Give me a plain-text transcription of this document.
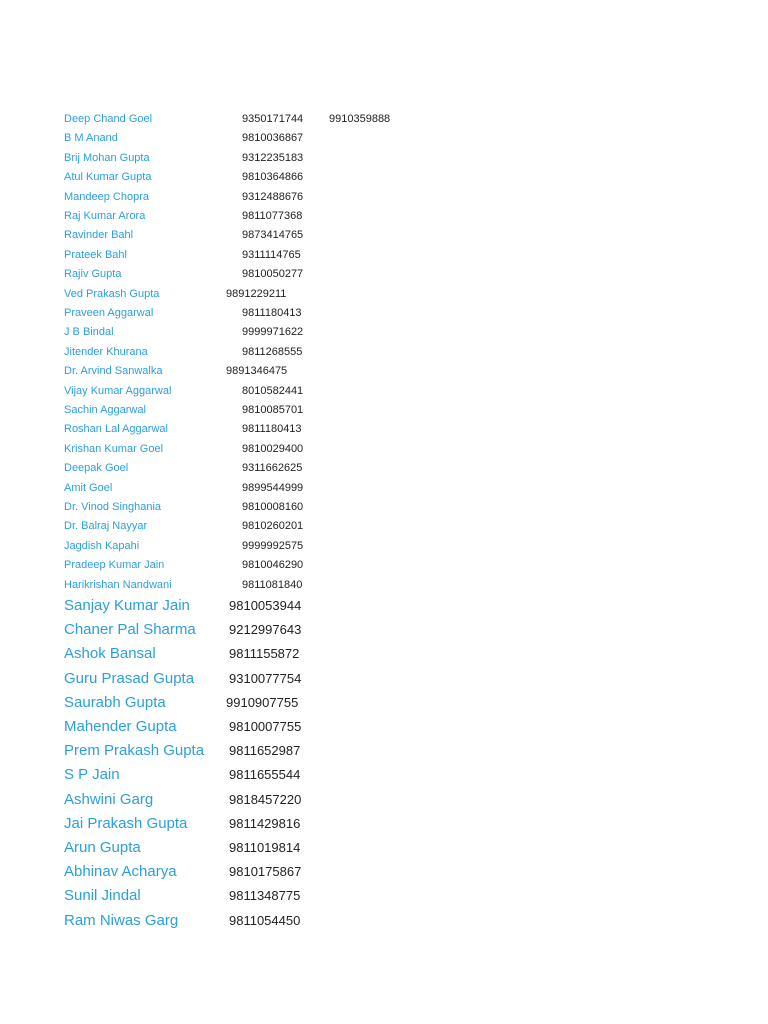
Deep Chand Goel	9350171744 9910359888
B M Anand	9810036867
Brij Mohan Gupta	9312235183
Atul Kumar Gupta	9810364866
Mandeep Chopra	9312488676
Raj Kumar Arora	9811077368
Ravinder Bahl	9873414765
Prateek Bahl	9311114765
Rajiv Gupta	9810050277
Ved Prakash Gupta	9891229211
Praveen Aggarwal	9811180413
J B Bindal	9999971622
Jitender Khurana	9811268555
Dr. Arvind Sanwalka	9891346475
Vijay Kumar Aggarwal	8010582441
Sachin Aggarwal	9810085701
Roshan Lal Aggarwal	9811180413
Krishan Kumar Goel	9810029400
Deepak Goel	9311662625
Amit Goel	9899544999
Dr. Vinod Singhania	9810008160
Dr. Balraj Nayyar	9810260201
Jagdish Kapahi	9999992575
Pradeep Kumar Jain	9810046290
Harikrishan Nandwani	9811081840
Sanjay Kumar Jain	9810053944
Chaner Pal Sharma	9212997643
Ashok Bansal	9811155872
Guru Prasad Gupta	9310077754
Saurabh Gupta	9910907755
Mahender Gupta	9810007755
Prem Prakash Gupta 9811652987
S P Jain	9811655544
Ashwini Garg	9818457220
Jai Prakash Gupta	9811429816
Arun Gupta	9811019814
Abhinav Acharya	9810175867
Sunil Jindal	9811348775
Ram Niwas Garg	9811054450
